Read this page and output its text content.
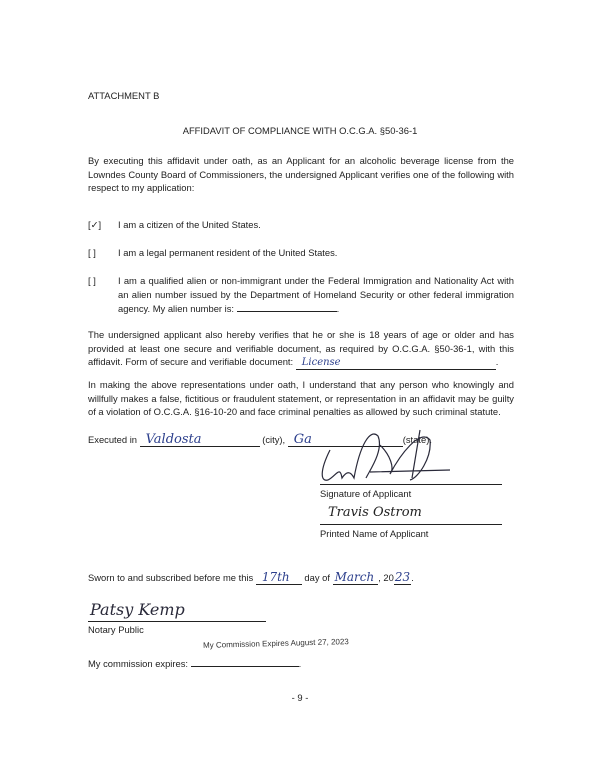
ATTACHMENT B
AFFIDAVIT OF COMPLIANCE WITH O.C.G.A. §50-36-1
By executing this affidavit under oath, as an Applicant for an alcoholic beverage license from the Lowndes County Board of Commissioners, the undersigned Applicant verifies one of the following with respect to my application:
[✓]	I am a citizen of the United States.
[ ]	I am a legal permanent resident of the United States.
[ ]	I am a qualified alien or non-immigrant under the Federal Immigration and Nationality Act with an alien number issued by the Department of Homeland Security or other federal immigration agency. My alien number is:	.
The undersigned applicant also hereby verifies that he or she is 18 years of age or older and has provided at least one secure and verifiable document, as required by O.C.G.A. §50-36-1, with this affidavit. Form of secure and verifiable document: License	.
In making the above representations under oath, I understand that any person who knowingly and willfully makes a false, fictitious or fraudulent statement, or representation in an affidavit may be guilty of a violation of O.C.G.A. §16-10-20 and face criminal penalties as allowed by such criminal statute.
Executed in Valdosta	(city), Ga	(state).
Signature of Applicant
Travis Ostrom
Printed Name of Applicant
Sworn to and subscribed before me this 17th day of March , 2023.
Patsy Kemp
Notary Public
My Commission Expires August 27, 2023
My commission expires:	.
- 9 -
